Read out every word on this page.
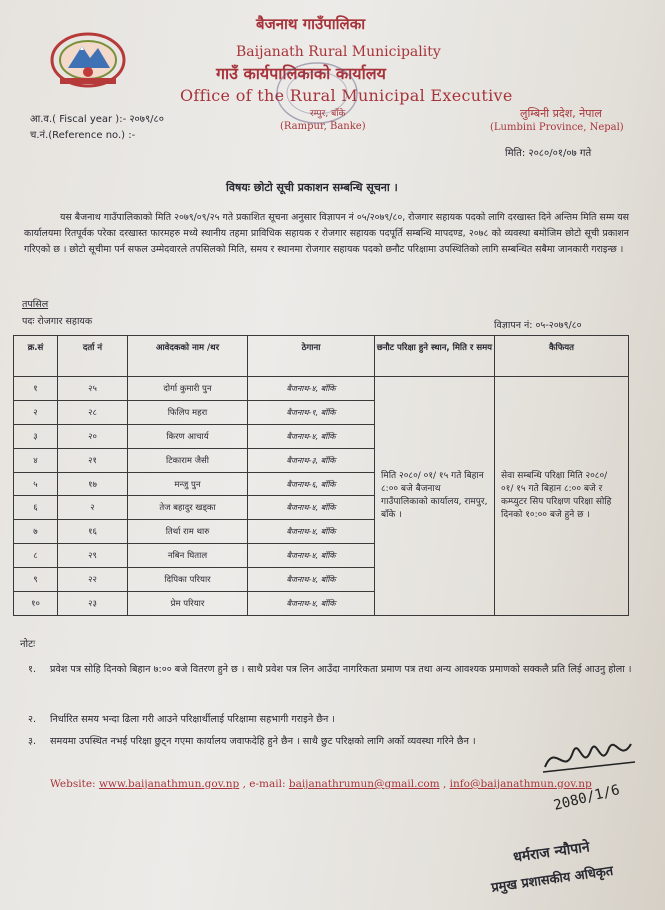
बैजनाथ गाउँपालिका
Baijanath Rural Municipality
गाउँ कार्यपालिकाको कार्यालय
Office of the Rural Municipal Executive
आ.व.( Fiscal year ):- २०७९/८०
च.नं.(Reference no.) :-
रम्पुर, बाँके
(Rampur, Banke)
लुम्बिनी प्रदेश, नेपाल
(Lumbini Province, Nepal)
मिति: २०८०/०१/०७ गते
विषयः छोटो सूची प्रकाशन सम्बन्धि सूचना ।
यस बैजनाथ गाउँपालिकाको मिति २०७९/०९/२५ गते प्रकाशित सूचना अनुसार विज्ञापन नं ०५/२०७९/८०, रोजगार सहायक पदको लागि दरखास्त दिने अन्तिम मिति सम्म यस कार्यालयमा रितपूर्वक परेका दरखास्त फारमहरु मध्ये स्थानीय तहमा प्राविधिक सहायक र रोजगार सहायक पदपूर्ति सम्बन्धि मापदण्ड, २०७८ को व्यवस्था बमोजिम छोटो सूची प्रकाशन गरिएको छ । छोटो सूचीमा पर्न सफल उम्मेदवारले तपसिलको मिति, समय र स्थानमा रोजगार सहायक पदको छनौट परिक्षामा उपस्थितिको लागि सम्बन्धित सबैमा जानकारी गराइन्छ ।
तपसिल
पदः रोजगार सहायक	विज्ञापन नं: ०५-२०७९/८०
क्र.सं	दर्ता नं	आवेदकको नाम /थर	ठेगाना	छनौट परिक्षा हुने स्थान, मिति र समय	कैफियत
१	२५	दोर्गा कुमारी पुन	बैजनाथ-४, बाँकि	मिति २०८०/ ०१/ १५ गते बिहान ८:०० बजे बैजनाथ गाउँपालिकाको कार्यालय, रामपुर, बाँके ।	सेवा सम्बन्धि परिक्षा मिति २०८०/ ०१/ १५ गते बिहान ८:०० बजे र कम्प्युटर सिप परिक्षण परिक्षा सोहि दिनको १०:०० बजे हुने छ ।
२	२८	फिलिप महरा	बैजनाथ-१, बाँकि		
३	२०	किरण आचार्य	बैजनाथ-४, बाँकि		
४	२१	टिकाराम जैसी	बैजनाथ-३, बाँकि		
५	१७	मन्जु पुन	बैजनाथ-६, बाँकि		
६	२	तेज बहादुर खड्का	बैजनाथ-४, बाँकि		
७	१६	तिर्था राम थारु	बैजनाथ-४, बाँकि		
८	२९	नबिन घिताल	बैजनाथ-४, बाँकि		
९	२२	दिपिका परियार	बैजनाथ-४, बाँकि		
१०	२३	प्रेम परियार	बैजनाथ-४, बाँकि		
नोटः
१. प्रवेश पत्र सोहि दिनको बिहान ७:०० बजे वितरण हुने छ । साथै प्रवेश पत्र लिन आउँदा नागरिकता प्रमाण पत्र तथा अन्य आवश्यक प्रमाणको सक्कलै प्रति लिई आउनु होला ।
२. निर्धारित समय भन्दा ढिला गरी आउने परिक्षार्थीलाई परिक्षामा सहभागी गराइने छैन ।
३. समयमा उपस्थित नभई परिक्षा छुट्न गएमा कार्यालय जवाफदेहि हुने छैन । साथै छुट परिक्षको लागि अर्को व्यवस्था गरिने छैन ।
Website: www.baijanathmun.gov.np , e-mail: baijanathrumun@gmail.com , info@baijanathmun.gov.np
2080/1/6
धर्मराज न्यौपाने
प्रमुख प्रशासकीय अधिकृत
